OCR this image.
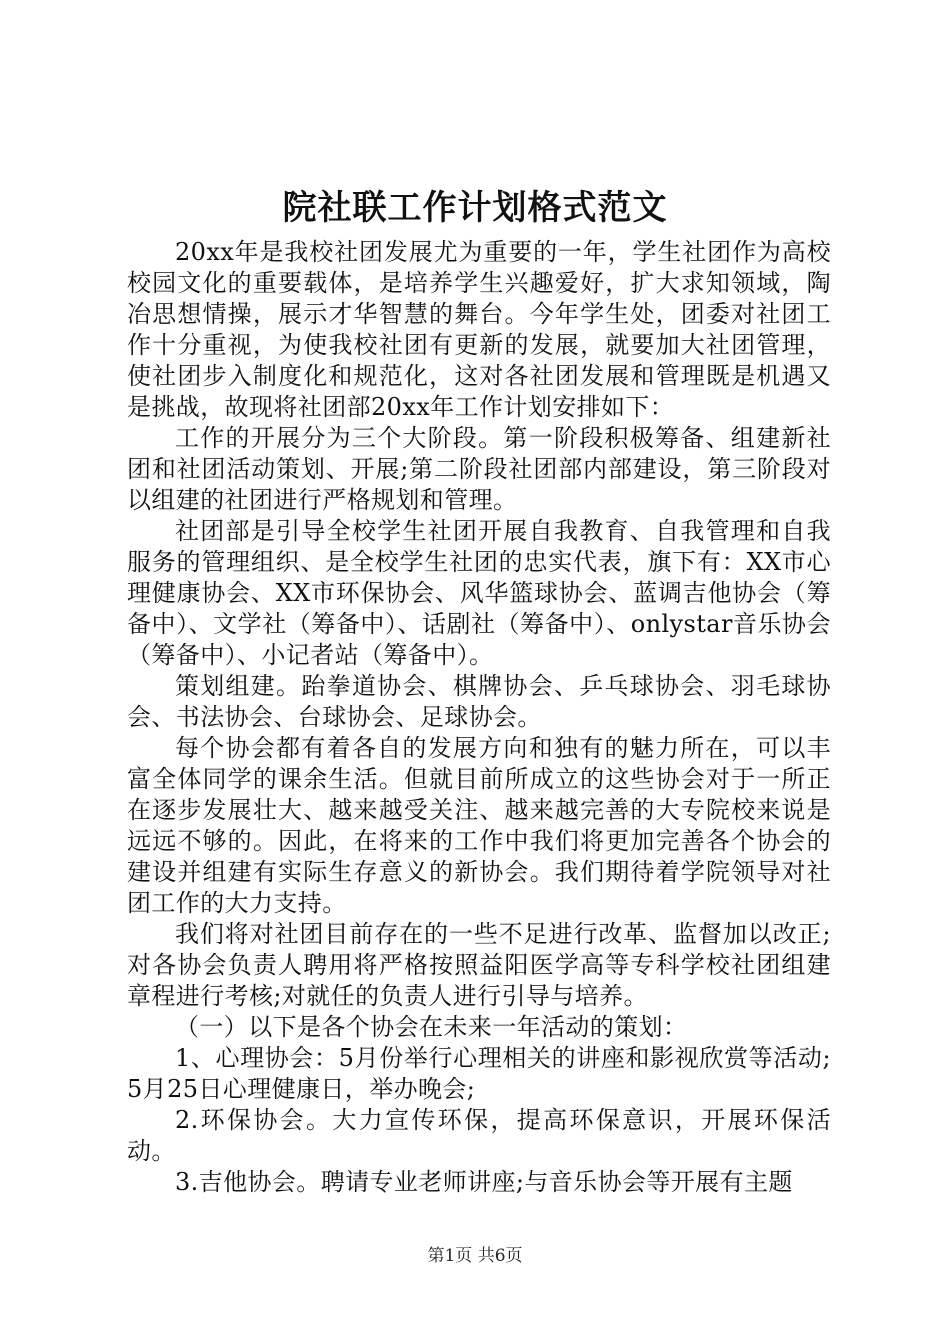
院社联工作计划格式范文

20xx年是我校社团发展尤为重要的一年，学生社团作为高校校园文化的重要载体，是培养学生兴趣爱好，扩大求知领域，陶冶思想情操，展示才华智慧的舞台。今年学生处，团委对社团工作十分重视，为使我校社团有更新的发展，就要加大社团管理，使社团步入制度化和规范化，这对各社团发展和管理既是机遇又是挑战，故现将社团部20xx年工作计划安排如下：

工作的开展分为三个大阶段。第一阶段积极筹备、组建新社团和社团活动策划、开展;第二阶段社团部内部建设，第三阶段对以组建的社团进行严格规划和管理。

社团部是引导全校学生社团开展自我教育、自我管理和自我服务的管理组织、是全校学生社团的忠实代表，旗下有：XX市心理健康协会、XX市环保协会、风华篮球协会、蓝调吉他协会（筹备中）、文学社（筹备中）、话剧社（筹备中）、onlystar音乐协会（筹备中）、小记者站（筹备中）。

策划组建。跆拳道协会、棋牌协会、乒乓球协会、羽毛球协会、书法协会、台球协会、足球协会。

每个协会都有着各自的发展方向和独有的魅力所在，可以丰富全体同学的课余生活。但就目前所成立的这些协会对于一所正在逐步发展壮大、越来越受关注、越来越完善的大专院校来说是远远不够的。因此，在将来的工作中我们将更加完善各个协会的建设并组建有实际生存意义的新协会。我们期待着学院领导对社团工作的大力支持。

我们将对社团目前存在的一些不足进行改革、监督加以改正;对各协会负责人聘用将严格按照益阳医学高等专科学校社团组建章程进行考核;对就任的负责人进行引导与培养。

（一）以下是各个协会在未来一年活动的策划：

1、心理协会：5月份举行心理相关的讲座和影视欣赏等活动;5月25日心理健康日，举办晚会;

2.环保协会。大力宣传环保，提高环保意识，开展环保活动。

3.吉他协会。聘请专业老师讲座;与音乐协会等开展有主题

第1页 共6页
